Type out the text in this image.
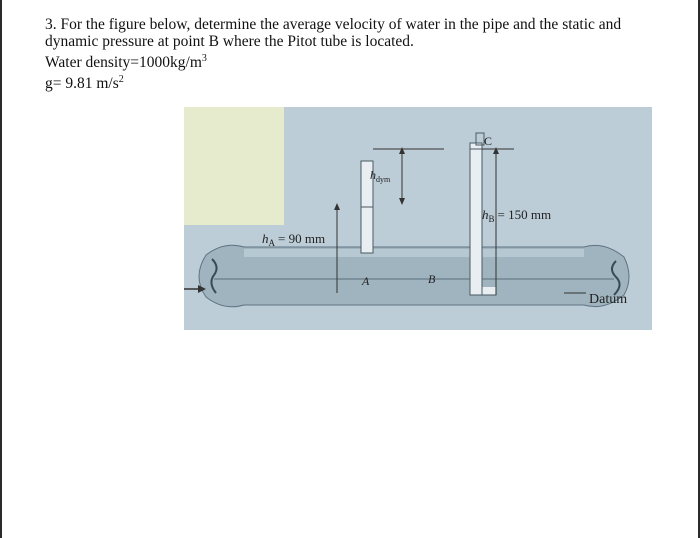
3. For the figure below, determine the average velocity of water in the pipe and the static and

dynamic pressure at point B where the Pitot tube is located.

Water $density=1000kg/m^3$

g= 9.81 $m/s^2$

$h_A = 90$ mm
$h_{dym}$
$h_B = 150$ mm
C
A	B
Datum
